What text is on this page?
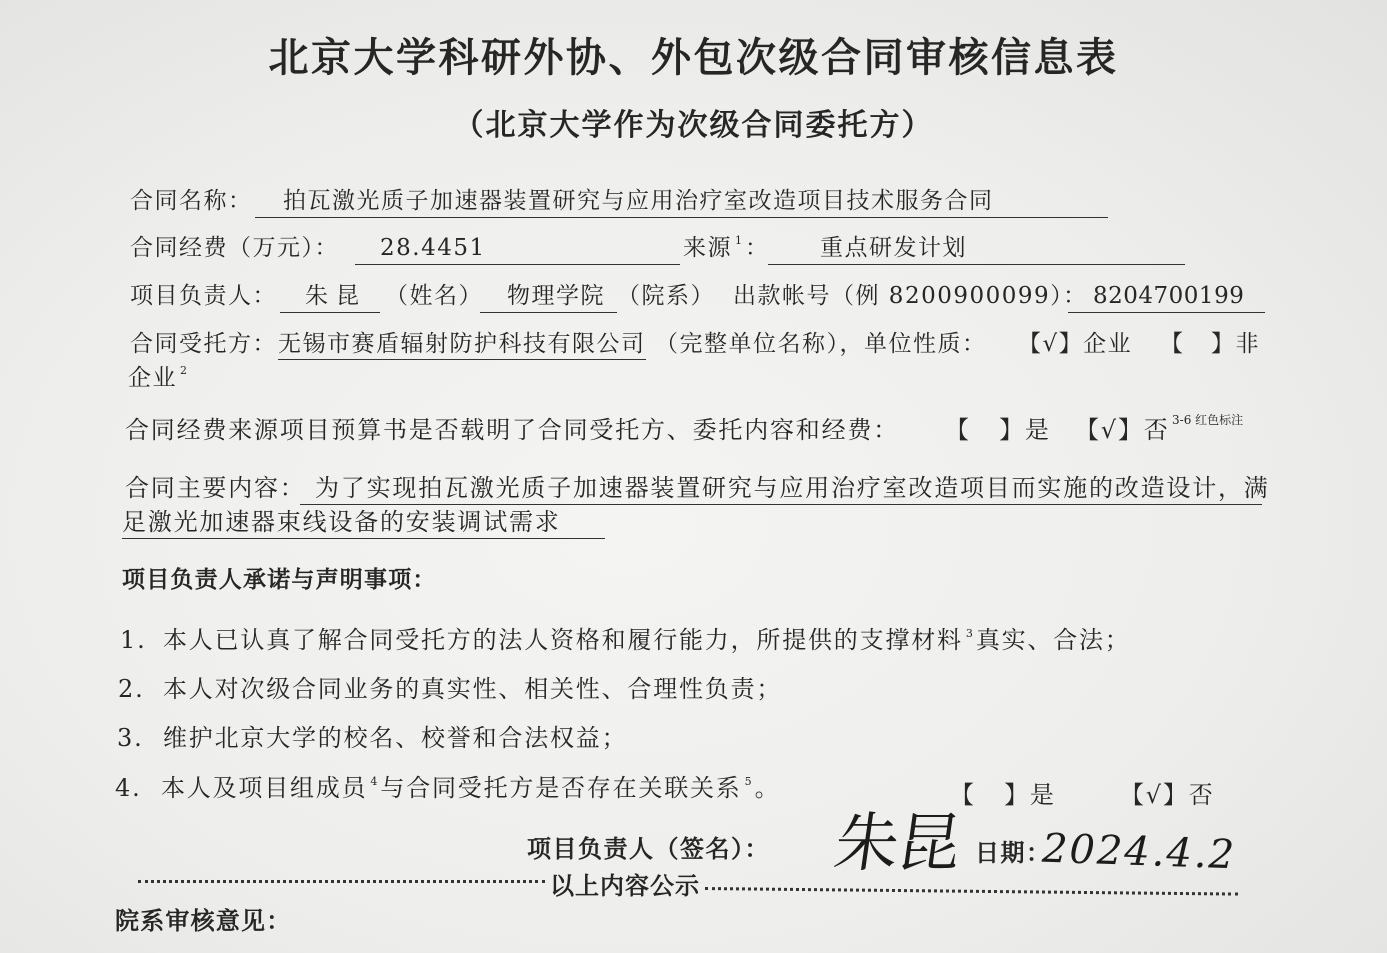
北京大学科研外协、外包次级合同审核信息表
（北京大学作为次级合同委托方）
合同名称：	拍瓦激光质子加速器装置研究与应用治疗室改造项目技术服务合同
合同经费（万元）：	28.4451	来源 $^1$ ：	重点研发计划
项目负责人：	朱昆 （姓名）	物理学院 （院系） 出款帐号（例 8200900099）： 8204700199
合同受托方： 无锡市赛盾辐射防护科技有限公司 （完整单位名称），单位性质： 【√】企业 【   】非
企业 $^2$
合同经费来源项目预算书是否载明了合同受托方、委托内容和经费： 【   】是 【√】否 3-6 红色标注
合同主要内容： 为了实现拍瓦激光质子加速器装置研究与应用治疗室改造项目而实施的改造设计，满
足激光加速器束线设备的安装调试需求
项目负责人承诺与声明事项：
1. 本人已认真了解合同受托方的法人资格和履行能力，所提供的支撑材料 $^3$ 真实、合法；
2. 本人对次级合同业务的真实性、相关性、合理性负责；
3. 维护北京大学的校名、校誉和合法权益；
4. 本人及项目组成员 $^4$ 与合同受托方是否存在关联关系 $^5$ 。	【   】是	【√】否
项目负责人（签名）： 朱昆 日期：
2024.4.2
以上内容公示
院系审核意见：
